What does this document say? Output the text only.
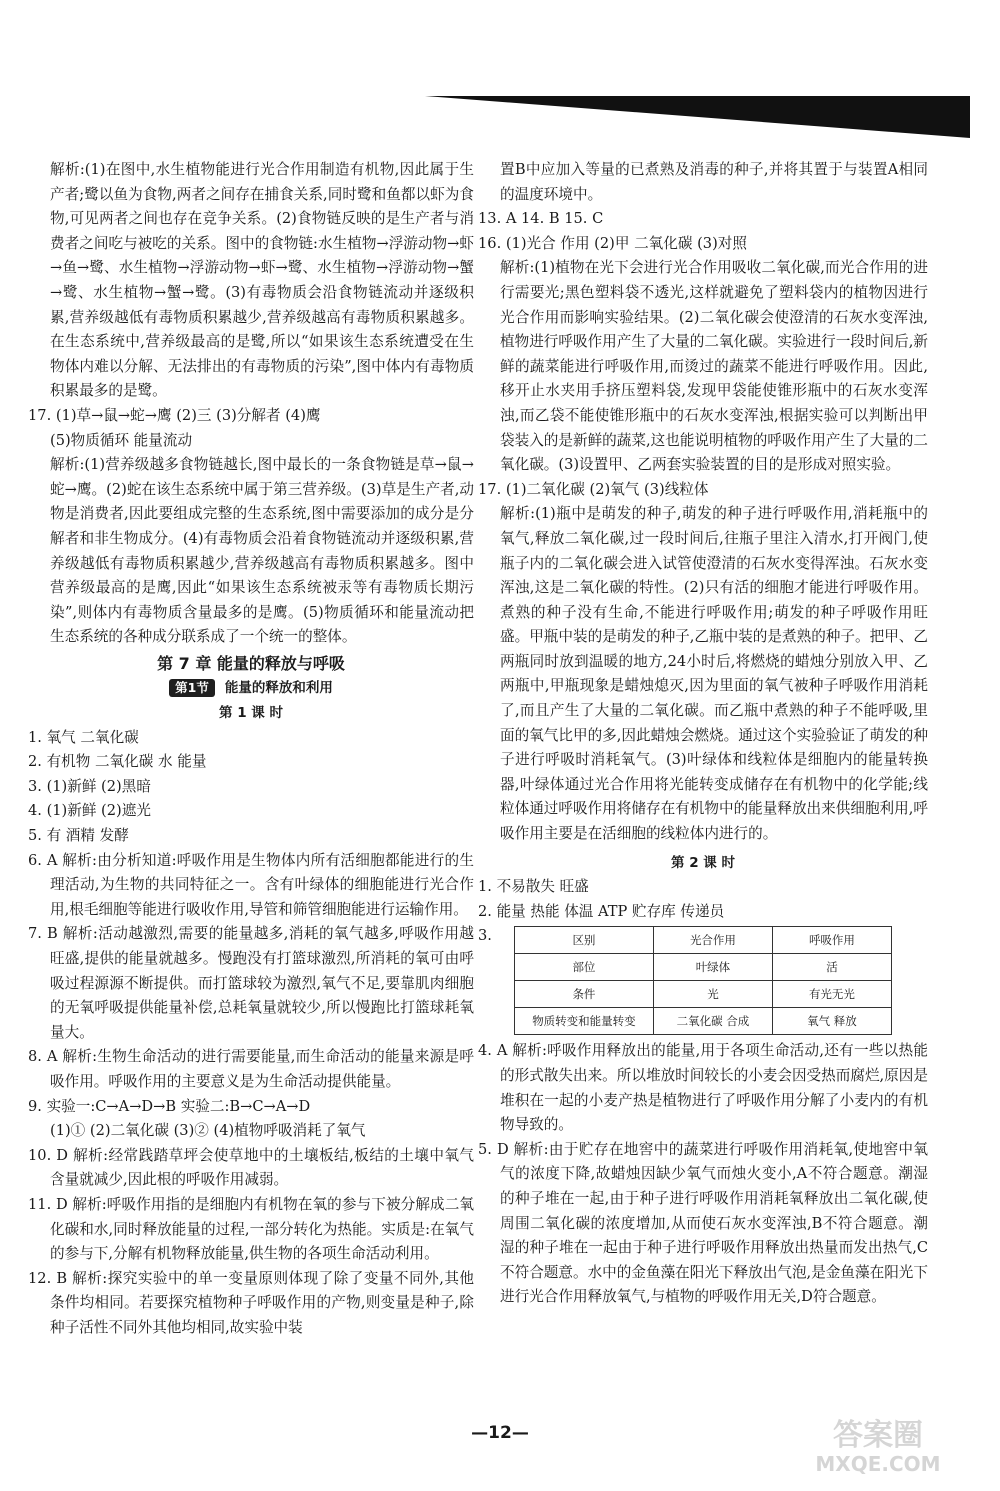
解析:(1)在图中,水生植物能进行光合作用制造有机物,因此属于生产者;鹭以鱼为食物,两者之间存在捕食关系,同时鹭和鱼都以虾为食物,可见两者之间也存在竞争关系。(2)食物链反映的是生产者与消费者之间吃与被吃的关系。图中的食物链:水生植物→浮游动物→虾→鱼→鹭、水生植物→浮游动物→虾→鹭、水生植物→浮游动物→蟹→鹭、水生植物→蟹→鹭。(3)有毒物质会沿食物链流动并逐级积累,营养级越低有毒物质积累越少,营养级越高有毒物质积累越多。在生态系统中,营养级最高的是鹭,所以“如果该生态系统遭受在生物体内难以分解、无法排出的有毒物质的污染”,图中体内有毒物质积累最多的是鹭。

17. (1)草→鼠→蛇→鹰 (2)三 (3)分解者 (4)鹰

(5)物质循环 能量流动

解析:(1)营养级越多食物链越长,图中最长的一条食物链是草→鼠→蛇→鹰。(2)蛇在该生态系统中属于第三营养级。(3)草是生产者,动物是消费者,因此要组成完整的生态系统,图中需要添加的成分是分解者和非生物成分。(4)有毒物质会沿着食物链流动并逐级积累,营养级越低有毒物质积累越少,营养级越高有毒物质积累越多。图中营养级最高的是鹰,因此“如果该生态系统被汞等有毒物质长期污染”,则体内有毒物质含量最多的是鹰。(5)物质循环和能量流动把生态系统的各种成分联系成了一个统一的整体。

第 7 章 能量的释放与呼吸

第1节 能量的释放和利用

第 1 课 时

1. 氧气 二氧化碳

2. 有机物 二氧化碳 水 能量

3. (1)新鲜 (2)黑暗

4. (1)新鲜 (2)遮光

5. 有 酒精 发酵

6. A 解析:由分析知道:呼吸作用是生物体内所有活细胞都能进行的生理活动,为生物的共同特征之一。含有叶绿体的细胞能进行光合作用,根毛细胞等能进行吸收作用,导管和筛管细胞能进行运输作用。

7. B 解析:活动越激烈,需要的能量越多,消耗的氧气越多,呼吸作用越旺盛,提供的能量就越多。慢跑没有打篮球激烈,所消耗的氧可由呼吸过程源源不断提供。而打篮球较为激烈,氧气不足,要靠肌肉细胞的无氧呼吸提供能量补偿,总耗氧量就较少,所以慢跑比打篮球耗氧量大。

8. A 解析:生物生命活动的进行需要能量,而生命活动的能量来源是呼吸作用。呼吸作用的主要意义是为生命活动提供能量。

9. 实验一:C→A→D→B 实验二:B→C→A→D

(1)① (2)二氧化碳 (3)② (4)植物呼吸消耗了氧气

10. D 解析:经常践踏草坪会使草地中的土壤板结,板结的土壤中氧气含量就减少,因此根的呼吸作用减弱。

11. D 解析:呼吸作用指的是细胞内有机物在氧的参与下被分解成二氧化碳和水,同时释放能量的过程,一部分转化为热能。实质是:在氧气的参与下,分解有机物释放能量,供生物的各项生命活动利用。

12. B 解析:探究实验中的单一变量原则体现了除了变量不同外,其他条件均相同。若要探究植物种子呼吸作用的产物,则变量是种子,除种子活性不同外其他均相同,故实验中装

置B中应加入等量的已煮熟及消毒的种子,并将其置于与装置A相同的温度环境中。

13. A 14. B 15. C

16. (1)光合 作用 (2)甲 二氧化碳 (3)对照

解析:(1)植物在光下会进行光合作用吸收二氧化碳,而光合作用的进行需要光;黑色塑料袋不透光,这样就避免了塑料袋内的植物因进行光合作用而影响实验结果。(2)二氧化碳会使澄清的石灰水变浑浊,植物进行呼吸作用产生了大量的二氧化碳。实验进行一段时间后,新鲜的蔬菜能进行呼吸作用,而烫过的蔬菜不能进行呼吸作用。因此,移开止水夹用手挤压塑料袋,发现甲袋能使锥形瓶中的石灰水变浑浊,而乙袋不能使锥形瓶中的石灰水变浑浊,根据实验可以判断出甲袋装入的是新鲜的蔬菜,这也能说明植物的呼吸作用产生了大量的二氧化碳。(3)设置甲、乙两套实验装置的目的是形成对照实验。

17. (1)二氧化碳 (2)氧气 (3)线粒体

解析:(1)瓶中是萌发的种子,萌发的种子进行呼吸作用,消耗瓶中的氧气,释放二氧化碳,过一段时间后,往瓶子里注入清水,打开阀门,使瓶子内的二氧化碳会进入试管使澄清的石灰水变得浑浊。石灰水变浑浊,这是二氧化碳的特性。(2)只有活的细胞才能进行呼吸作用。煮熟的种子没有生命,不能进行呼吸作用;萌发的种子呼吸作用旺盛。甲瓶中装的是萌发的种子,乙瓶中装的是煮熟的种子。把甲、乙两瓶同时放到温暖的地方,24小时后,将燃烧的蜡烛分别放入甲、乙两瓶中,甲瓶现象是蜡烛熄灭,因为里面的氧气被种子呼吸作用消耗了,而且产生了大量的二氧化碳。而乙瓶中煮熟的种子不能呼吸,里面的氧气比甲的多,因此蜡烛会燃烧。通过这个实验验证了萌发的种子进行呼吸时消耗氧气。(3)叶绿体和线粒体是细胞内的能量转换器,叶绿体通过光合作用将光能转变成储存在有机物中的化学能;线粒体通过呼吸作用将储存在有机物中的能量释放出来供细胞利用,呼吸作用主要是在活细胞的线粒体内进行的。

第 2 课 时

1. 不易散失 旺盛

2. 能量 热能 体温 ATP 贮存库 传递员

3.	区别	光合作用	呼吸作用
部位	叶绿体	活
条件	光	有光无光
物质转变和能量转变	二氧化碳 合成	氧气 释放

4. A 解析:呼吸作用释放出的能量,用于各项生命活动,还有一些以热能的形式散失出来。所以堆放时间较长的小麦会因受热而腐烂,原因是堆积在一起的小麦产热是植物进行了呼吸作用分解了小麦内的有机物导致的。

5. D 解析:由于贮存在地窖中的蔬菜进行呼吸作用消耗氧,使地窖中氧气的浓度下降,故蜡烛因缺少氧气而烛火变小,A不符合题意。潮湿的种子堆在一起,由于种子进行呼吸作用消耗氧释放出二氧化碳,使周围二氧化碳的浓度增加,从而使石灰水变浑浊,B不符合题意。潮湿的种子堆在一起由于种子进行呼吸作用释放出热量而发出热气,C不符合题意。水中的金鱼藻在阳光下释放出气泡,是金鱼藻在阳光下进行光合作用释放氧气,与植物的呼吸作用无关,D符合题意。

—12—	答案圈
MXQE.COM
